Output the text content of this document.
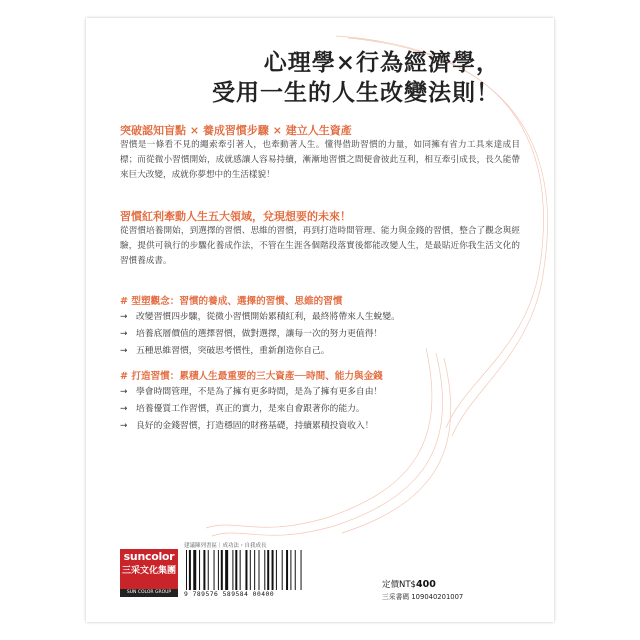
心理學×行為經濟學，
受用一生的人生改變法則！
突破認知盲點 × 養成習慣步驟 × 建立人生資產
習慣是一條看不見的繩索牽引著人，也牽動著人生。懂得借助習慣的力量，如同擁有省力工具來達成目標；而從微小習慣開始，成就感讓人容易持續，漸漸地習慣之間便會彼此互利，相互牽引成長，長久能帶來巨大改變，成就你夢想中的生活樣貌！
習慣紅利牽動人生五大領域，兌現想要的未來！
從習慣培養開始，到選擇的習慣、思維的習慣，再到打造時間管理、能力與金錢的習慣，整合了觀念與經驗，提供可執行的步驟化養成作法，不管在生涯各個階段落實後都能改變人生，是最貼近你我生活文化的習慣養成書。
# 型塑觀念：習慣的養成、選擇的習慣、思維的習慣
→ 改變習慣四步驟，從微小習慣開始累積紅利，最終將帶來人生蛻變。
→ 培養底層價值的選擇習慣，做對選擇，讓每一次的努力更值得！
→ 五種思維習慣，突破思考慣性，重新創造你自己。
# 打造習慣：累積人生最重要的三大資產──時間、能力與金錢
→ 學會時間管理，不是為了擁有更多時間，是為了擁有更多自由！
→ 培養優質工作習慣，真正的實力，是來自會跟著你的能力。
→ 良好的金錢習慣，打造穩固的財務基礎，持續累積投資收入！
suncolor
三采文化集團
SUN COLOR GROUP
建議陳列書區｜成功法・自我成長
9 789576 589584 00400
定價NT$400
三采書碼 109040201007
